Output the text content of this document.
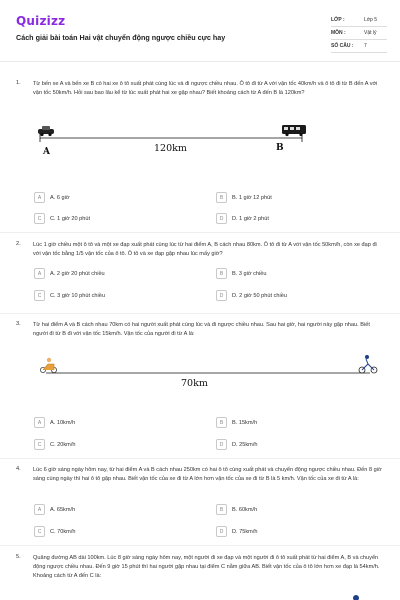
Quizizz
Cách giải bài toán Hai vật chuyển động ngược chiều cực hay
LỚP :	Lớp 5
MÔN :	Vật lý
SỐ CÂU :	7
1. Từ bến xe A và bến xe B có hai xe ô tô xuất phát cùng lúc và đi ngược chiều nhau. Ô tô đi từ A với vận tốc 40km/h và ô tô đi từ B đến A với vận tốc 50km/h. Hỏi sau bao lâu kể từ lúc xuất phát hai xe gặp nhau? Biết khoảng cách từ A đến B là 120km?
A	120km	B
A	A. 6 giờ	B	B. 1 giờ 12 phút
C	C. 1 giờ 20 phút	D	D. 1 giờ 2 phút
2. Lúc 1 giờ chiều một ô tô và một xe đạp xuất phát cùng lúc từ hai điểm A, B cách nhau 80km. Ô tô đi từ A với vận tốc 50km/h, còn xe đạp đi với vận tốc bằng 1/5 vận tốc của ô tô. Ô tô và xe đạp gặp nhau lúc mấy giờ?
A	A. 2 giờ 20 phút chiều	B	B. 3 giờ chiều
C	C. 3 giờ 10 phút chiều	D	D. 2 giờ 50 phút chiều
3. Từ hai điểm A và B cách nhau 70km có hai người xuất phát cùng lúc và đi ngược chiều nhau. Sau hai giờ, hai người này gặp nhau. Biết người đi từ B đi với vận tốc 15km/h. Vận tốc của người đi từ A là:
70km
A	A. 10km/h	B	B. 15km/h
C	C. 20km/h	D	D. 25km/h
4. Lúc 6 giờ sáng ngày hôm nay, từ hai điểm A và B cách nhau 250km có hai ô tô cùng xuất phát và chuyển động ngược chiều nhau. Đến 8 giờ sáng cùng ngày thì hai ô tô gặp nhau. Biết vận tốc của xe đi từ A lớn hơn vận tốc của xe đi từ B là 5 km/h. Vận tốc của xe đi từ A là:
A	A. 65km/h	B	B. 60km/h
C	C. 70km/h	D	D. 75km/h
5. Quãng đường AB dài 100km. Lúc 8 giờ sáng ngày hôm nay, một người đi xe đạp và một người đi ô tô xuất phát từ hai điểm A, B và chuyển động ngược chiều nhau. Đến 9 giờ 15 phút thì hai người gặp nhau tại điểm C nằm giữa AB. Biết vận tốc của ô tô lớn hơn xe đạp là 54km/h. Khoảng cách từ A đến C là:
